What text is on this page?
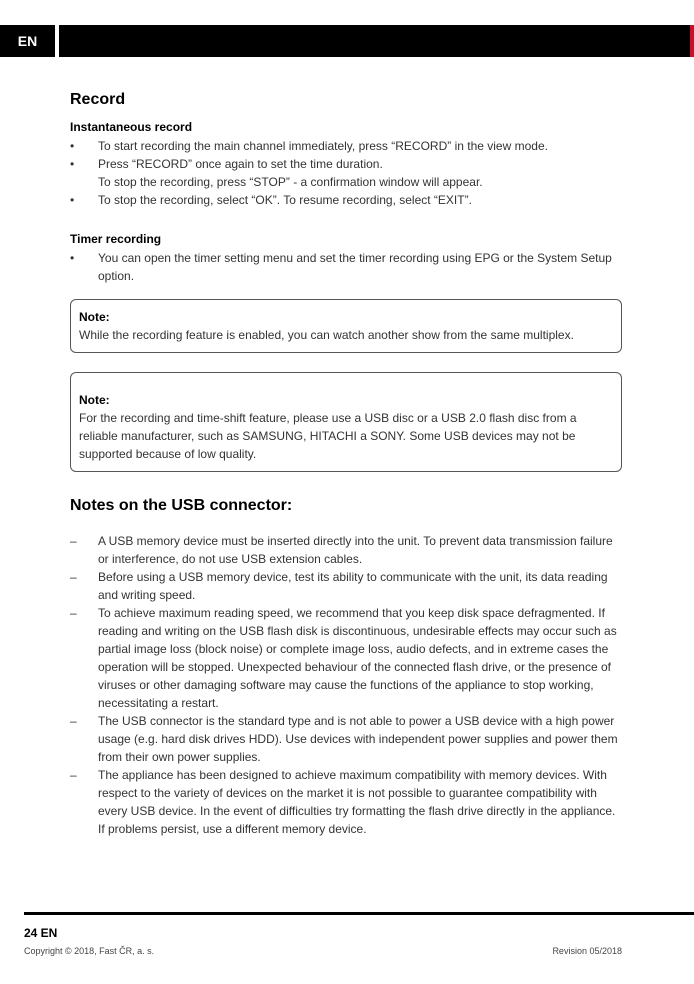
EN
Record
Instantaneous record
•	To start recording the main channel immediately, press “RECORD” in the view mode.
•	Press “RECORD” once again to set the time duration.
To stop the recording, press “STOP” - a confirmation window will appear.
•	To stop the recording, select “OK”. To resume recording, select “EXIT”.
Timer recording
•	You can open the timer setting menu and set the timer recording using EPG or the System Setup option.
Note:
While the recording feature is enabled, you can watch another show from the same multiplex.
Note:
For the recording and time-shift feature, please use a USB disc or a USB 2.0 flash disc from a reliable manufacturer, such as SAMSUNG, HITACHI a SONY. Some USB devices may not be supported because of low quality.
Notes on the USB connector:
– A USB memory device must be inserted directly into the unit. To prevent data transmission failure or interference, do not use USB extension cables.
– Before using a USB memory device, test its ability to communicate with the unit, its data reading and writing speed.
– To achieve maximum reading speed, we recommend that you keep disk space defragmented. If reading and writing on the USB flash disk is discontinuous, undesirable effects may occur such as partial image loss (block noise) or complete image loss, audio defects, and in extreme cases the operation will be stopped. Unexpected behaviour of the connected flash drive, or the presence of viruses or other damaging software may cause the functions of the appliance to stop working, necessitating a restart.
– The USB connector is the standard type and is not able to power a USB device with a high power usage (e.g. hard disk drives HDD). Use devices with independent power supplies and power them from their own power supplies.
– The appliance has been designed to achieve maximum compatibility with memory devices. With respect to the variety of devices on the market it is not possible to guarantee compatibility with every USB device. In the event of difficulties try formatting the flash drive directly in the appliance. If problems persist, use a different memory device.
24 EN
Copyright © 2018, Fast ČR, a. s.	Revision 05/2018
